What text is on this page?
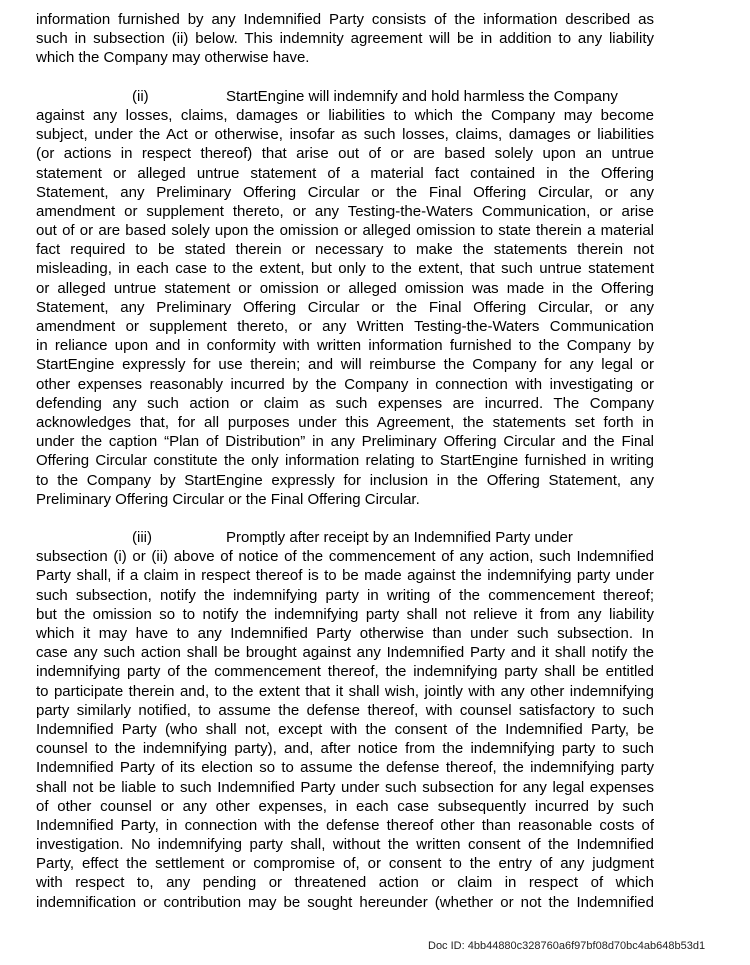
information furnished by any Indemnified Party consists of the information described as
such in subsection (ii) below. This indemnity agreement will be in addition to any liability
which the Company may otherwise have.
(ii)	StartEngine will indemnify and hold harmless the Company
against any losses, claims, damages or liabilities to which the Company may become
subject, under the Act or otherwise, insofar as such losses, claims, damages or liabilities
(or actions in respect thereof) that arise out of or are based solely upon an untrue
statement or alleged untrue statement of a material fact contained in the Offering
Statement, any Preliminary Offering Circular or the Final Offering Circular, or any
amendment or supplement thereto, or any Testing-the-Waters Communication, or arise
out of or are based solely upon the omission or alleged omission to state therein a material
fact required to be stated therein or necessary to make the statements therein not
misleading, in each case to the extent, but only to the extent, that such untrue statement
or alleged untrue statement or omission or alleged omission was made in the Offering
Statement, any Preliminary Offering Circular or the Final Offering Circular, or any
amendment or supplement thereto, or any Written Testing-the-Waters Communication
in reliance upon and in conformity with written information furnished to the Company by
StartEngine expressly for use therein; and will reimburse the Company for any legal or
other expenses reasonably incurred by the Company in connection with investigating or
defending any such action or claim as such expenses are incurred. The Company
acknowledges that, for all purposes under this Agreement, the statements set forth in
under the caption “Plan of Distribution” in any Preliminary Offering Circular and the Final
Offering Circular constitute the only information relating to StartEngine furnished in writing
to the Company by StartEngine expressly for inclusion in the Offering Statement, any
Preliminary Offering Circular or the Final Offering Circular.
(iii)	Promptly after receipt by an Indemnified Party under
subsection (i) or (ii) above of notice of the commencement of any action, such Indemnified
Party shall, if a claim in respect thereof is to be made against the indemnifying party under
such subsection, notify the indemnifying party in writing of the commencement thereof;
but the omission so to notify the indemnifying party shall not relieve it from any liability
which it may have to any Indemnified Party otherwise than under such subsection. In
case any such action shall be brought against any Indemnified Party and it shall notify the
indemnifying party of the commencement thereof, the indemnifying party shall be entitled
to participate therein and, to the extent that it shall wish, jointly with any other indemnifying
party similarly notified, to assume the defense thereof, with counsel satisfactory to such
Indemnified Party (who shall not, except with the consent of the Indemnified Party, be
counsel to the indemnifying party), and, after notice from the indemnifying party to such
Indemnified Party of its election so to assume the defense thereof, the indemnifying party
shall not be liable to such Indemnified Party under such subsection for any legal expenses
of other counsel or any other expenses, in each case subsequently incurred by such
Indemnified Party, in connection with the defense thereof other than reasonable costs of
investigation. No indemnifying party shall, without the written consent of the Indemnified
Party, effect the settlement or compromise of, or consent to the entry of any judgment
with respect to, any pending or threatened action or claim in respect of which
indemnification or contribution may be sought hereunder (whether or not the Indemnified
Doc ID: 4bb44880c328760a6f97bf08d70bc4ab648b53d1
